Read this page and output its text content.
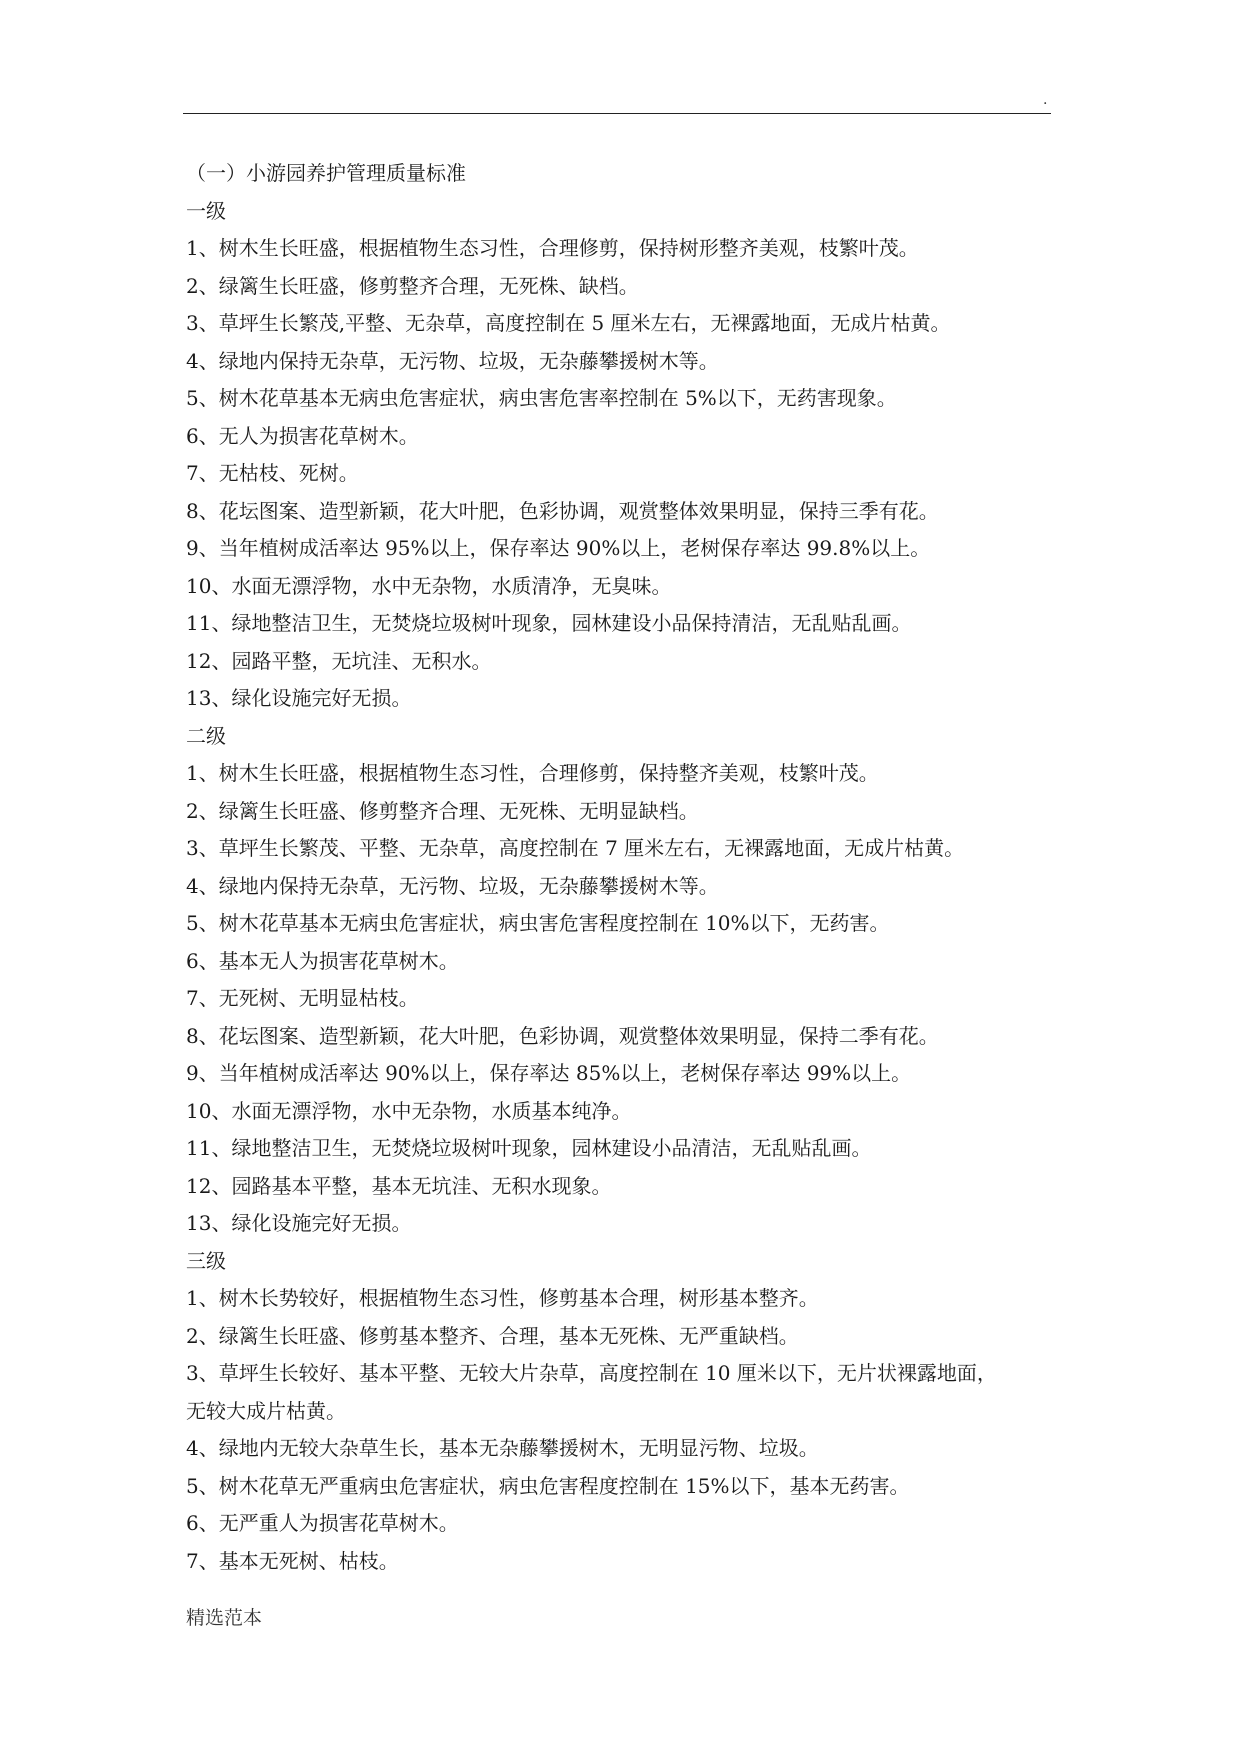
.
（一）小游园养护管理质量标准
一级
1、树木生长旺盛，根据植物生态习性，合理修剪，保持树形整齐美观，枝繁叶茂。
2、绿篱生长旺盛，修剪整齐合理，无死株、缺档。
3、草坪生长繁茂,平整、无杂草，高度控制在 5 厘米左右，无裸露地面，无成片枯黄。
4、绿地内保持无杂草，无污物、垃圾，无杂藤攀援树木等。
5、树木花草基本无病虫危害症状，病虫害危害率控制在 5%以下，无药害现象。
6、无人为损害花草树木。
7、无枯枝、死树。
8、花坛图案、造型新颖，花大叶肥，色彩协调，观赏整体效果明显，保持三季有花。
9、当年植树成活率达 95%以上，保存率达 90%以上，老树保存率达 99.8%以上。
10、水面无漂浮物，水中无杂物，水质清净，无臭味。
11、绿地整洁卫生，无焚烧垃圾树叶现象，园林建设小品保持清洁，无乱贴乱画。
12、园路平整，无坑洼、无积水。
13、绿化设施完好无损。
二级
1、树木生长旺盛，根据植物生态习性，合理修剪，保持整齐美观，枝繁叶茂。
2、绿篱生长旺盛、修剪整齐合理、无死株、无明显缺档。
3、草坪生长繁茂、平整、无杂草，高度控制在 7 厘米左右，无裸露地面，无成片枯黄。
4、绿地内保持无杂草，无污物、垃圾，无杂藤攀援树木等。
5、树木花草基本无病虫危害症状，病虫害危害程度控制在 10%以下，无药害。
6、基本无人为损害花草树木。
7、无死树、无明显枯枝。
8、花坛图案、造型新颖，花大叶肥，色彩协调，观赏整体效果明显，保持二季有花。
9、当年植树成活率达 90%以上，保存率达 85%以上，老树保存率达 99%以上。
10、水面无漂浮物，水中无杂物，水质基本纯净。
11、绿地整洁卫生，无焚烧垃圾树叶现象，园林建设小品清洁，无乱贴乱画。
12、园路基本平整，基本无坑洼、无积水现象。
13、绿化设施完好无损。
三级
1、树木长势较好，根据植物生态习性，修剪基本合理，树形基本整齐。
2、绿篱生长旺盛、修剪基本整齐、合理，基本无死株、无严重缺档。
3、草坪生长较好、基本平整、无较大片杂草，高度控制在 10 厘米以下，无片状裸露地面，
无较大成片枯黄。
4、绿地内无较大杂草生长，基本无杂藤攀援树木，无明显污物、垃圾。
5、树木花草无严重病虫危害症状，病虫危害程度控制在 15%以下，基本无药害。
6、无严重人为损害花草树木。
7、基本无死树、枯枝。
精选范本
